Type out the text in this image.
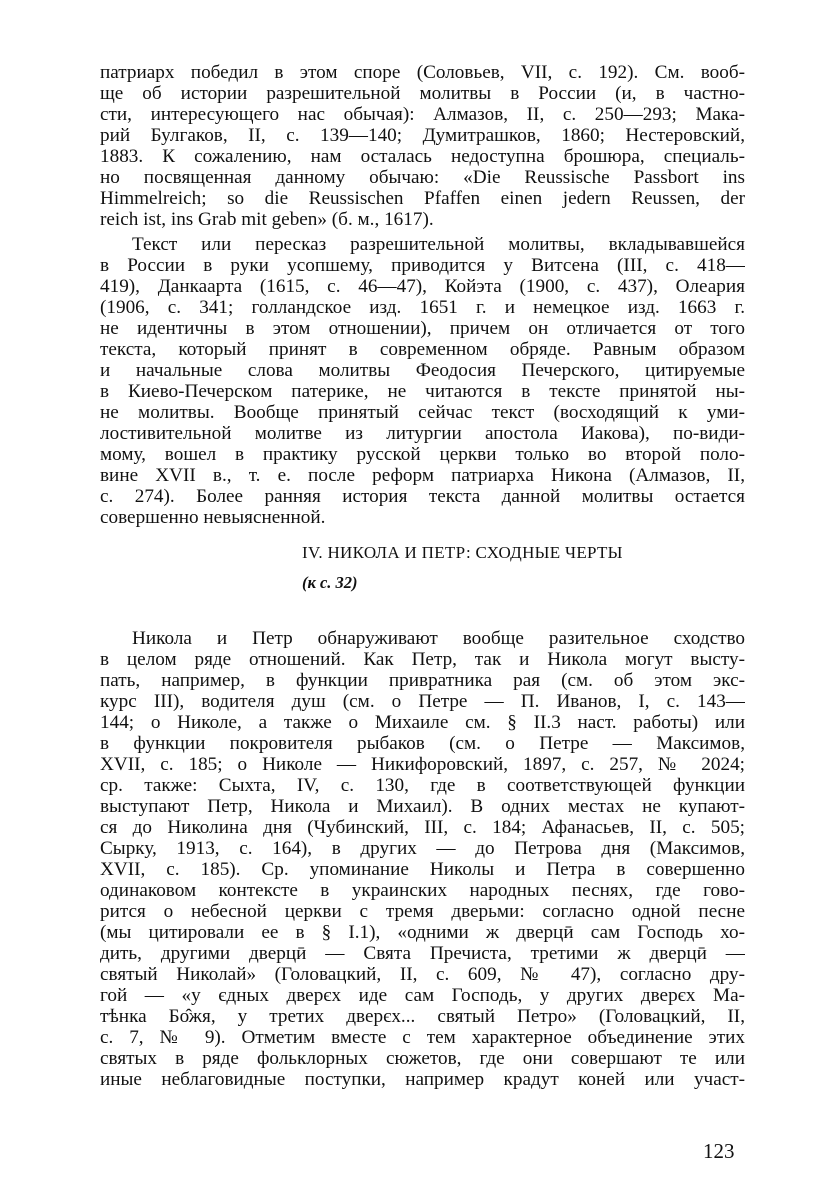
патриарх победил в этом споре (Соловьев, VII, с. 192). См. вооб-
ще об истории разрешительной молитвы в России (и, в частно-
сти, интересующего нас обычая): Алмазов, II, с. 250—293; Мака-
рий Булгаков, II, с. 139—140; Думитрашков, 1860; Нестеровский,
1883. К сожалению, нам осталась недоступна брошюра, специаль-
но посвященная данному обычаю: «Die Reussische Passbort ins
Himmelreich; so die Reussischen Pfaffen einen jedern Reussen, der
reich ist, ins Grab mit geben» (б. м., 1617).
Текст или пересказ разрешительной молитвы, вкладывавшейся
в России в руки усопшему, приводится у Витсена (III, с. 418—
419), Данкаарта (1615, с. 46—47), Койэта (1900, с. 437), Олеария
(1906, с. 341; голландское изд. 1651 г. и немецкое изд. 1663 г.
не идентичны в этом отношении), причем он отличается от того
текста, который принят в современном обряде. Равным образом
и начальные слова молитвы Феодосия Печерского, цитируемые
в Киево-Печерском патерике, не читаются в тексте принятой ны-
не молитвы. Вообще принятый сейчас текст (восходящий к уми-
лостивительной молитве из литургии апостола Иакова), по-види-
мому, вошел в практику русской церкви только во второй поло-
вине XVII в., т. е. после реформ патриарха Никона (Алмазов, II,
с. 274). Более ранняя история текста данной молитвы остается
совершенно невыясненной.
IV. НИКОЛА И ПЕТР: СХОДНЫЕ ЧЕРТЫ
(к с. 32)
Никола и Петр обнаруживают вообще разительное сходство
в целом ряде отношений. Как Петр, так и Никола могут высту-
пать, например, в функции привратника рая (см. об этом экс-
курс III), водителя душ (см. о Петре — П. Иванов, I, с. 143—
144; о Николе, а также о Михаиле см. § II.3 наст. работы) или
в функции покровителя рыбаков (см. о Петре — Максимов,
XVII, с. 185; о Николе — Никифоровский, 1897, с. 257, № 2024;
ср. также: Сыхта, IV, с. 130, где в соответствующей функции
выступают Петр, Никола и Михаил). В одних местах не купают-
ся до Николина дня (Чубинский, III, с. 184; Афанасьев, II, с. 505;
Сырку, 1913, с. 164), в других — до Петрова дня (Максимов,
XVII, с. 185). Ср. упоминание Николы и Петра в совершенно
одинаковом контексте в украинских народных песнях, где гово-
рится о небесной церкви с тремя дверьми: согласно одной песне
(мы цитировали ее в § I.1), «одними ж дверцӣ сам Господь хо-
дить, другими дверцӣ — Свята Пречиста, третими ж дверцӣ —
святый Николай» (Головацкий, II, с. 609, № 47), согласно дру-
гой — «у єдных дверєх иде сам Господь, у других дверєх Ма-
тѣнка Бо̂жя, у третих дверєх... святый Петро» (Головацкий, II,
с. 7, № 9). Отметим вместе с тем характерное объединение этих
святых в ряде фольклорных сюжетов, где они совершают те или
иные неблаговидные поступки, например крадут коней или участ-
123
